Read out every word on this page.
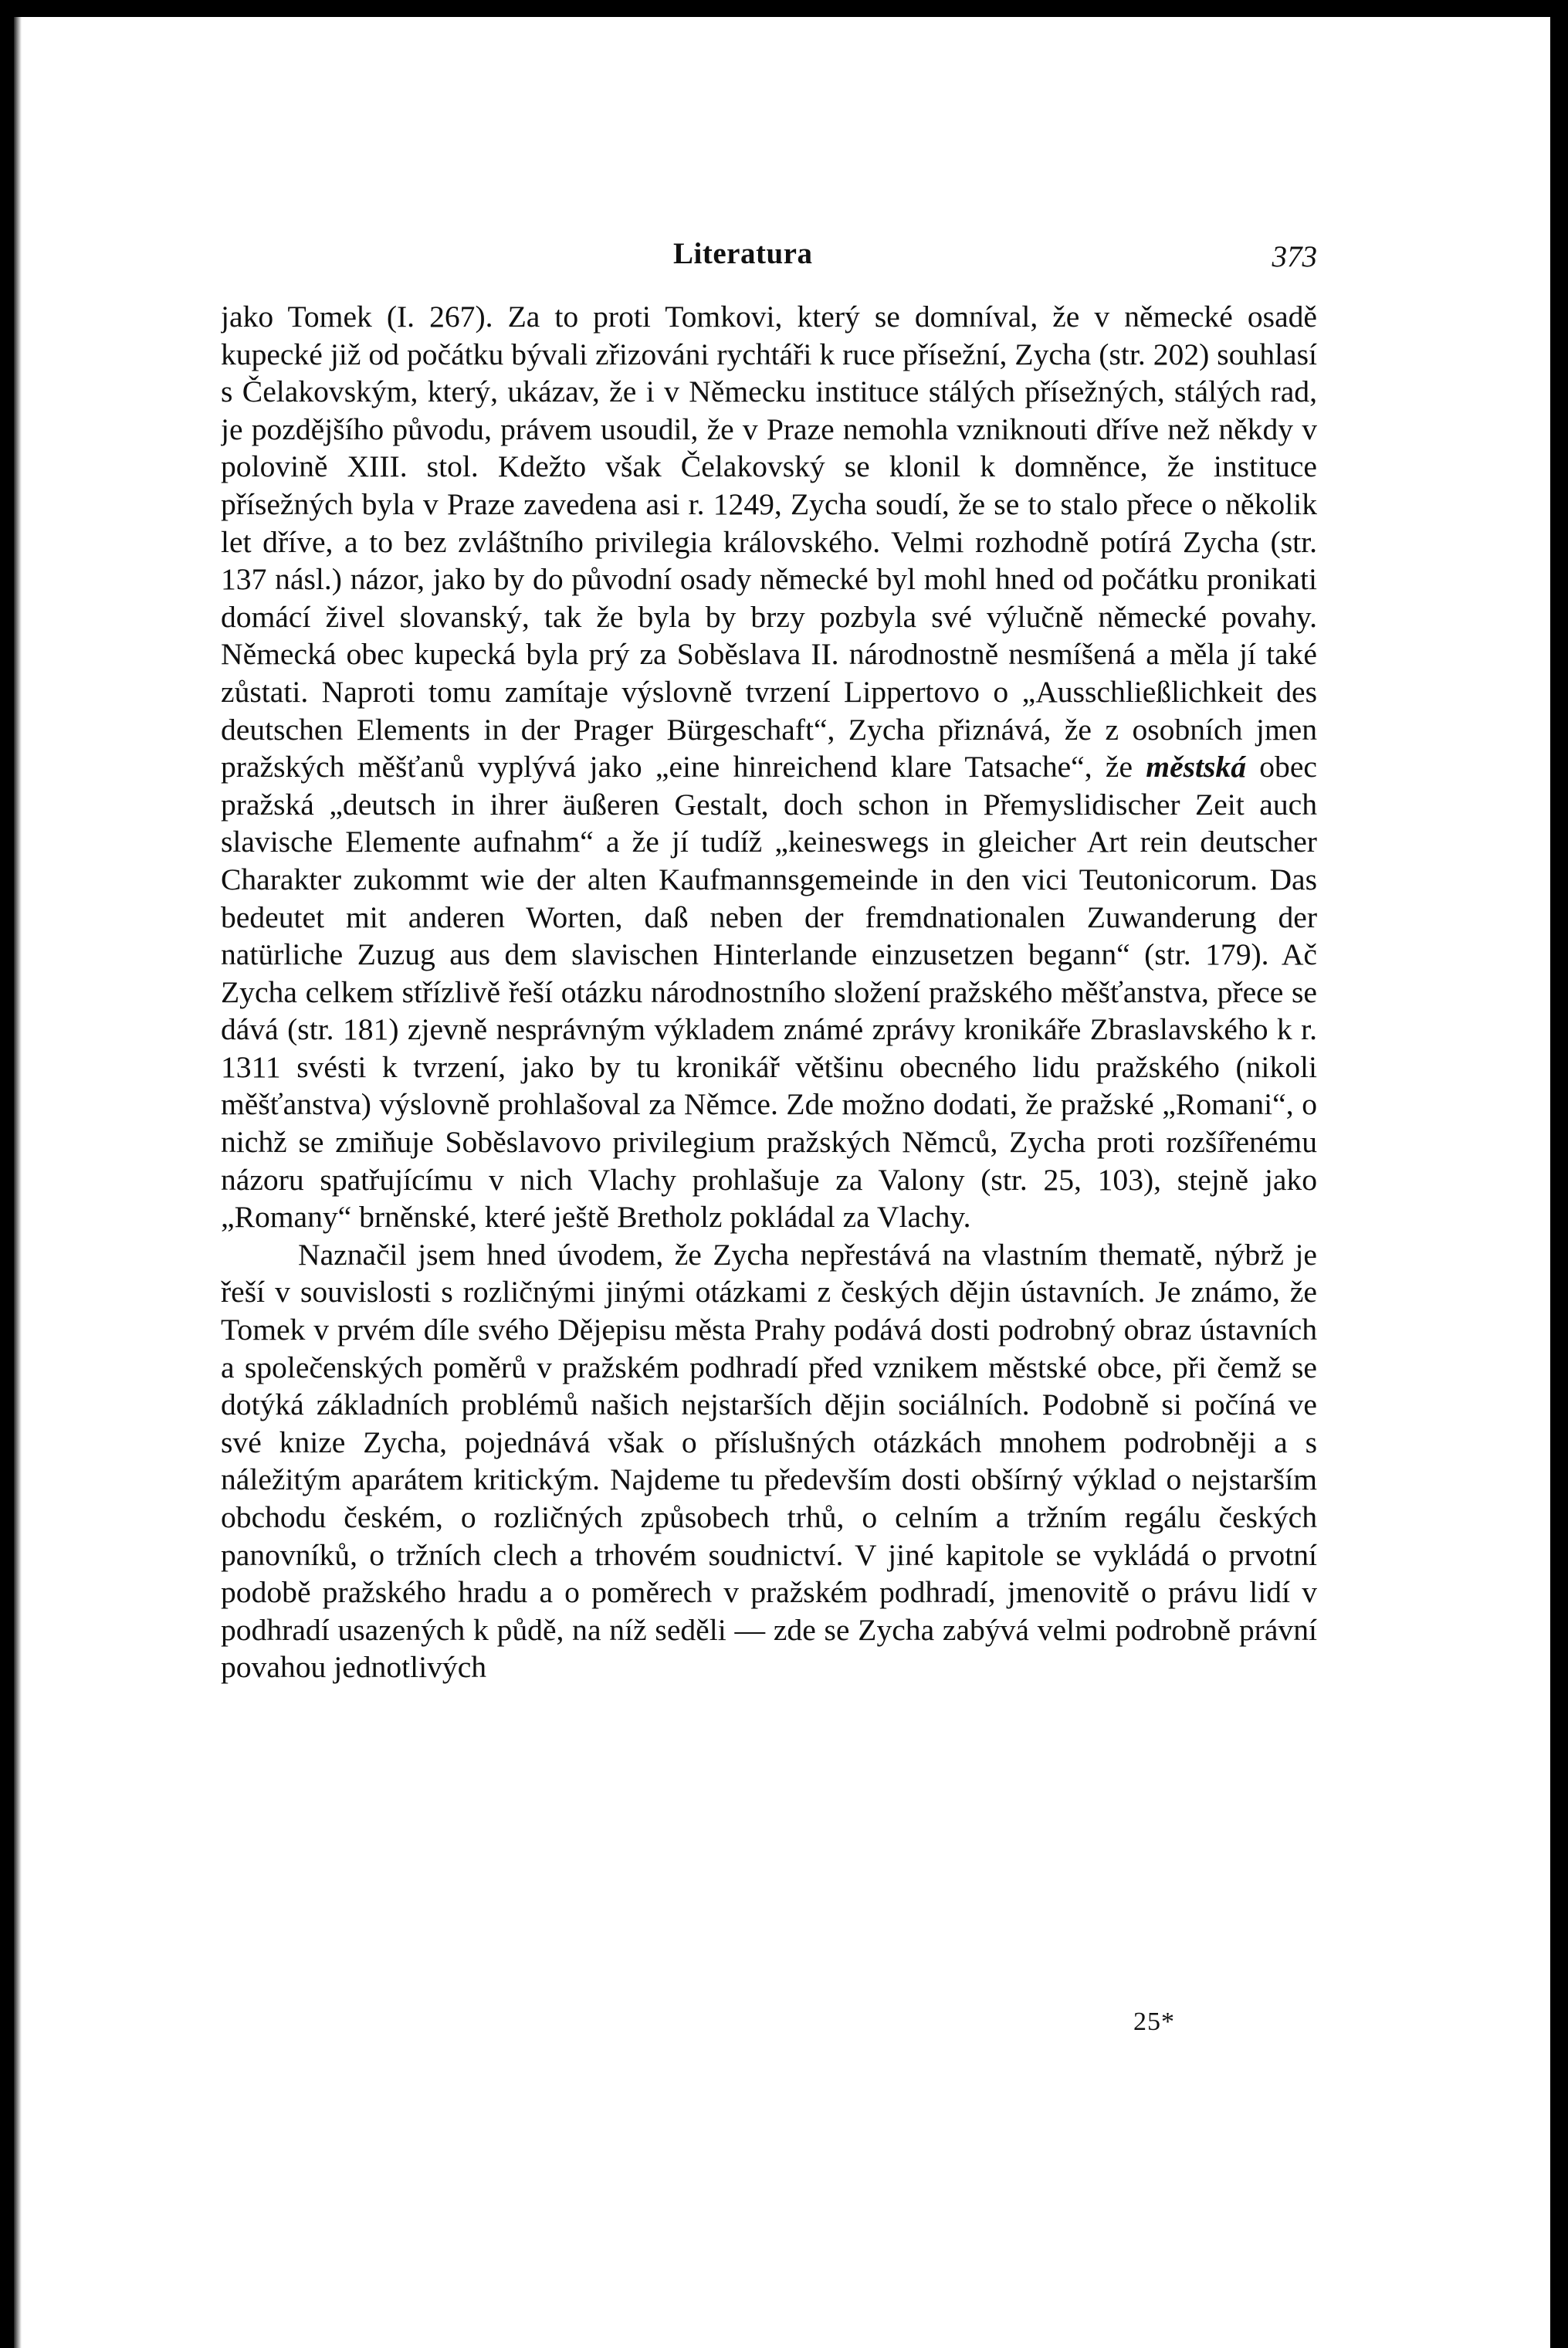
Literatura	373

jako Tomek (I. 267). Za to proti Tomkovi, který se domníval, že v německé osadě kupecké již od počátku bývali zřizováni rychtáři k ruce přísežní, Zycha (str. 202) souhlasí s Čelakovským, který, ukázav, že i v Německu instituce stálých přísežných, stálých rad, je pozdějšího původu, právem usoudil, že v Praze nemohla vzniknouti dříve než někdy v polovině XIII. stol. Kdežto však Čelakovský se klonil k domněnce, že instituce přísežných byla v Praze zavedena asi r. 1249, Zycha soudí, že se to stalo přece o několik let dříve, a to bez zvláštního privilegia královského. Velmi rozhodně potírá Zycha (str. 137 násl.) názor, jako by do původní osady německé byl mohl hned od počátku pronikati domácí živel slovanský, tak že byla by brzy pozbyla své výlučně německé povahy. Německá obec kupecká byla prý za Soběslava II. národnostně nesmíšená a měla jí také zůstati. Naproti tomu zamítaje výslovně tvrzení Lippertovo o „Ausschließlichkeit des deutschen Elements in der Prager Bürgeschaft“, Zycha přiznává, že z osobních jmen pražských měšťanů vyplývá jako „eine hinreichend klare Tatsache“, že městská obec pražská „deutsch in ihrer äußeren Gestalt, doch schon in Přemyslidischer Zeit auch slavische Elemente aufnahm“ a že jí tudíž „keineswegs in gleicher Art rein deutscher Charakter zukommt wie der alten Kaufmannsgemeinde in den vici Teutonicorum. Das bedeutet mit anderen Worten, daß neben der fremdnationalen Zuwanderung der natürliche Zuzug aus dem slavischen Hinterlande einzusetzen begann“ (str. 179). Ač Zycha celkem střízlivě řeší otázku národnostního složení pražského měšťanstva, přece se dává (str. 181) zjevně nesprávným výkladem známé zprávy kronikáře Zbraslavského k r. 1311 svésti k tvrzení, jako by tu kronikář většinu obecného lidu pražského (nikoli měšťanstva) výslovně prohlašoval za Němce. Zde možno dodati, že pražské „Romani“, o nichž se zmiňuje Soběslavovo privilegium pražských Němců, Zycha proti rozšířenému názoru spatřujícímu v nich Vlachy prohlašuje za Valony (str. 25, 103), stejně jako „Romany“ brněnské, které ještě Bretholz pokládal za Vlachy.

Naznačil jsem hned úvodem, že Zycha nepřestává na vlastním thematě, nýbrž je řeší v souvislosti s rozličnými jinými otázkami z českých dějin ústavních. Je známo, že Tomek v prvém díle svého Dějepisu města Prahy podává dosti podrobný obraz ústavních a společenských poměrů v pražském podhradí před vznikem městské obce, při čemž se dotýká základních problémů našich nejstarších dějin sociálních. Podobně si počíná ve své knize Zycha, pojednává však o příslušných otázkách mnohem podrobněji a s náležitým aparátem kritickým. Najdeme tu především dosti obšírný výklad o nejstarším obchodu českém, o rozličných způsobech trhů, o celním a tržním regálu českých panovníků, o tržních clech a trhovém soudnictví. V jiné kapitole se vykládá o prvotní podobě pražského hradu a o poměrech v pražském podhradí, jmenovitě o právu lidí v podhradí usazených k půdě, na níž seděli — zde se Zycha zabývá velmi podrobně právní povahou jednotlivých

25*
